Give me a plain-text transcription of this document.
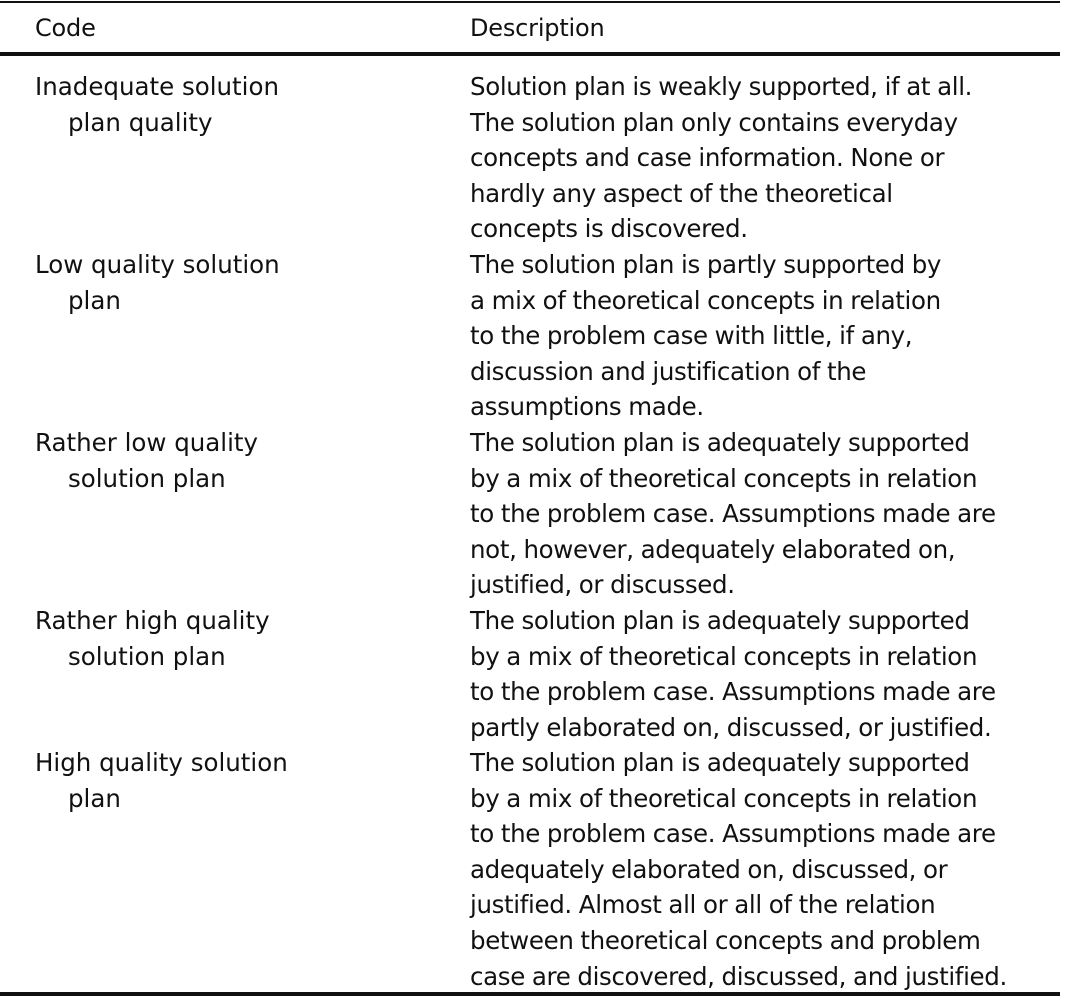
Code	Description
Inadequate solution
plan quality
Solution plan is weakly supported, if at all.
The solution plan only contains everyday
concepts and case information. None or
hardly any aspect of the theoretical
concepts is discovered.
Low quality solution
plan
The solution plan is partly supported by
a mix of theoretical concepts in relation
to the problem case with little, if any,
discussion and justification of the
assumptions made.
Rather low quality
solution plan
The solution plan is adequately supported
by a mix of theoretical concepts in relation
to the problem case. Assumptions made are
not, however, adequately elaborated on,
justified, or discussed.
Rather high quality
solution plan
The solution plan is adequately supported
by a mix of theoretical concepts in relation
to the problem case. Assumptions made are
partly elaborated on, discussed, or justified.
High quality solution
plan
The solution plan is adequately supported
by a mix of theoretical concepts in relation
to the problem case. Assumptions made are
adequately elaborated on, discussed, or
justified. Almost all or all of the relation
between theoretical concepts and problem
case are discovered, discussed, and justified.
